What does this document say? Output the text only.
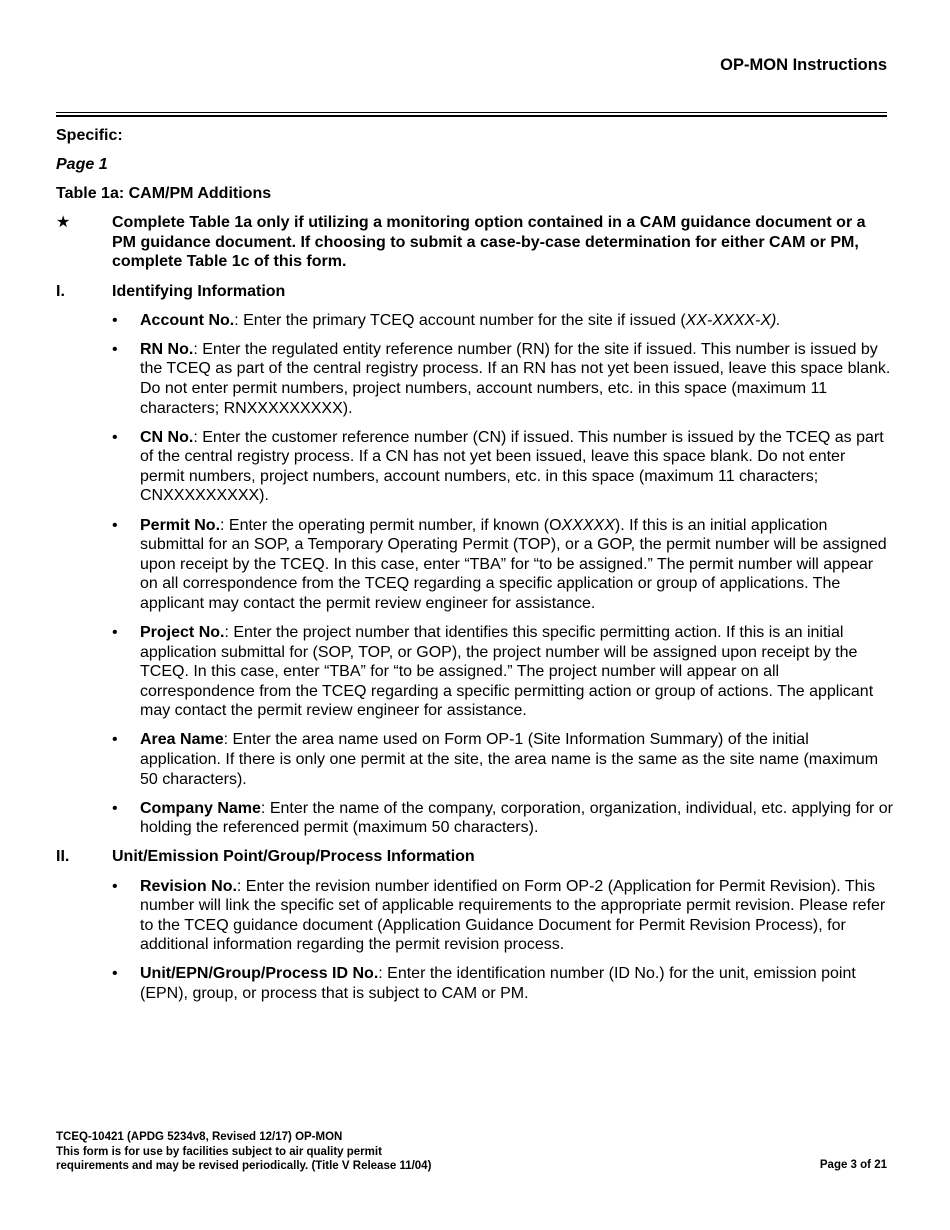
OP-MON Instructions
Specific:
Page 1
Table 1a: CAM/PM Additions
★	Complete Table 1a only if utilizing a monitoring option contained in a CAM guidance document or a PM guidance document. If choosing to submit a case-by-case determination for either CAM or PM, complete Table 1c of this form.
I.	Identifying Information
•	Account No.: Enter the primary TCEQ account number for the site if issued (XX-XXXX-X).
•	RN No.: Enter the regulated entity reference number (RN) for the site if issued. This number is issued by the TCEQ as part of the central registry process. If an RN has not yet been issued, leave this space blank. Do not enter permit numbers, project numbers, account numbers, etc. in this space (maximum 11 characters; RNXXXXXXXXX).
•	CN No.: Enter the customer reference number (CN) if issued. This number is issued by the TCEQ as part of the central registry process. If a CN has not yet been issued, leave this space blank. Do not enter permit numbers, project numbers, account numbers, etc. in this space (maximum 11 characters; CNXXXXXXXXX).
•	Permit No.: Enter the operating permit number, if known (OXXXXX). If this is an initial application submittal for an SOP, a Temporary Operating Permit (TOP), or a GOP, the permit number will be assigned upon receipt by the TCEQ. In this case, enter “TBA” for “to be assigned.” The permit number will appear on all correspondence from the TCEQ regarding a specific application or group of applications. The applicant may contact the permit review engineer for assistance.
•	Project No.: Enter the project number that identifies this specific permitting action. If this is an initial application submittal for (SOP, TOP, or GOP), the project number will be assigned upon receipt by the TCEQ. In this case, enter “TBA” for “to be assigned.” The project number will appear on all correspondence from the TCEQ regarding a specific permitting action or group of actions. The applicant may contact the permit review engineer for assistance.
•	Area Name: Enter the area name used on Form OP-1 (Site Information Summary) of the initial application. If there is only one permit at the site, the area name is the same as the site name (maximum 50 characters).
•	Company Name: Enter the name of the company, corporation, organization, individual, etc. applying for or holding the referenced permit (maximum 50 characters).
II.	Unit/Emission Point/Group/Process Information
•	Revision No.: Enter the revision number identified on Form OP-2 (Application for Permit Revision). This number will link the specific set of applicable requirements to the appropriate permit revision. Please refer to the TCEQ guidance document (Application Guidance Document for Permit Revision Process), for additional information regarding the permit revision process.
•	Unit/EPN/Group/Process ID No.: Enter the identification number (ID No.) for the unit, emission point (EPN), group, or process that is subject to CAM or PM.
TCEQ-10421 (APDG 5234v8, Revised 12/17) OP-MON
This form is for use by facilities subject to air quality permit
requirements and may be revised periodically. (Title V Release 11/04)	Page 3 of 21
